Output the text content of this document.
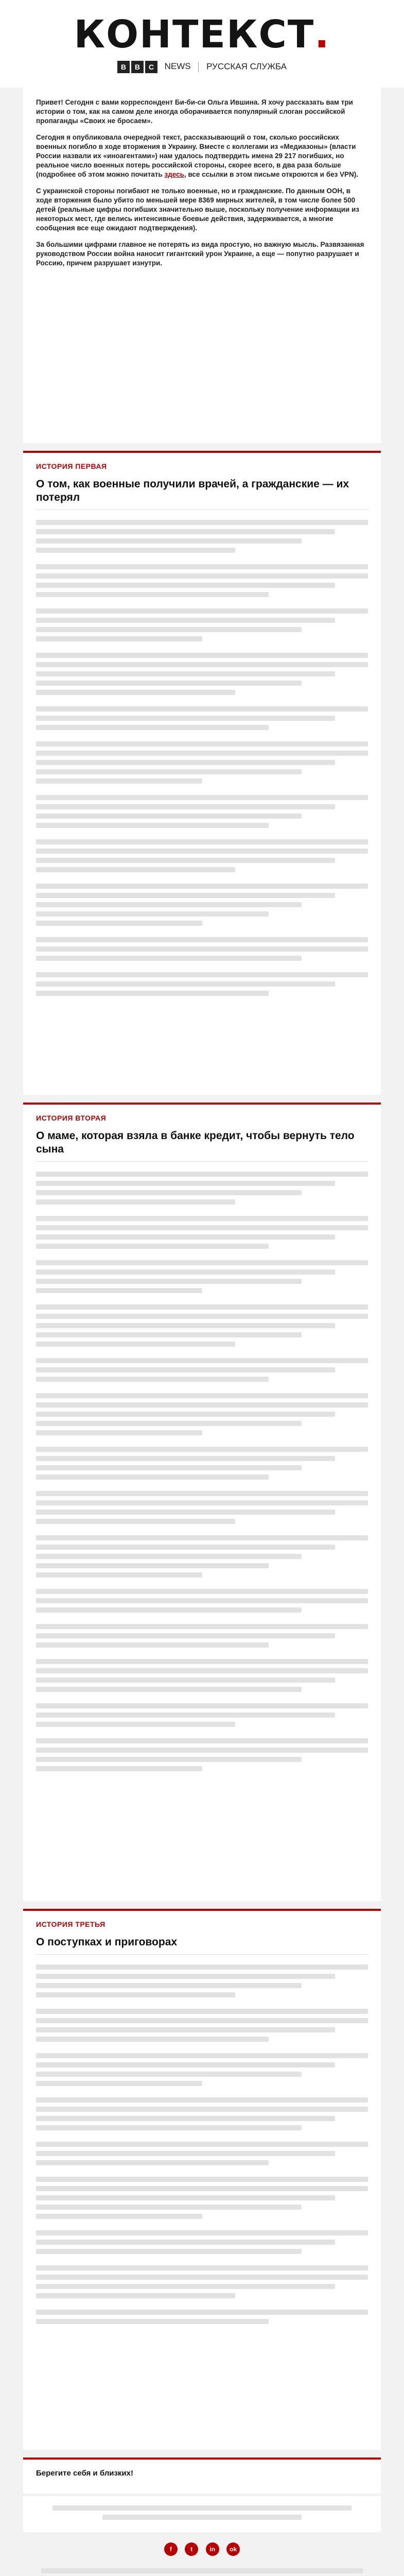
КОНТЕКСТ.
B B C NEWS РУССКАЯ СЛУЖБА

Привет! Сегодня с вами корреспондент Би-би-си Ольга Ившина. Я хочу рассказать вам три истории о том, как на самом деле иногда оборачивается популярный слоган российской пропаганды «Своих не бросаем».

Сегодня я опубликовала очередной текст, рассказывающий о том, сколько российских военных погибло в ходе вторжения в Украину. Вместе с коллегами из «Медиазоны» (власти России назвали их «иноагентами») нам удалось подтвердить имена 29 217 погибших, но реальное число военных потерь российской стороны, скорее всего, в два раза больше (подробнее об этом можно почитать здесь, все ссылки в этом письме откроются и без VPN).

С украинской стороны погибают не только военные, но и гражданские. По данным ООН, в ходе вторжения было убито по меньшей мере 8369 мирных жителей, в том числе более 500 детей (реальные цифры погибших значительно выше, поскольку получение информации из некоторых мест, где велись интенсивные боевые действия, задерживается, а многие сообщения все еще ожидают подтверждения).

За большими цифрами главное не потерять из вида простую, но важную мысль. Развязанная руководством России война наносит гигантский урон Украине, а еще — попутно разрушает и Россию, причем разрушает изнутри.

ИСТОРИЯ ПЕРВАЯ
О том, как военные получили врачей, а гражданские — их потерял
ИСТОРИЯ ВТОРАЯ
О маме, которая взяла в банке кредит, чтобы вернуть тело сына
ИСТОРИЯ ТРЕТЬЯ
О поступках и приговорах
Берегите себя и близких!
f	t	in ok
